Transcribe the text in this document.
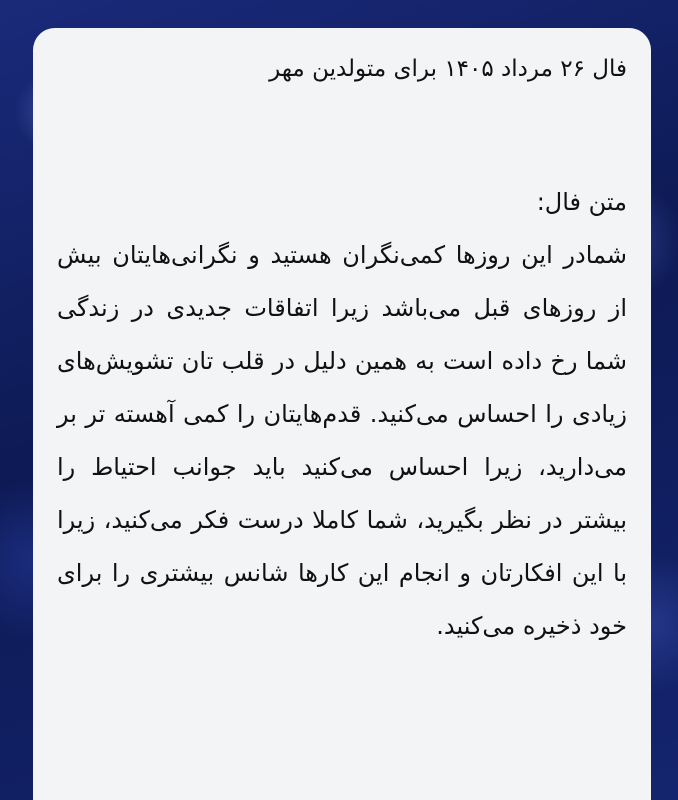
فال ۲۶ مرداد ۱۴۰۵ برای متولدین مهر
متن فال:
شمادر این روزها کمی‌نگران هستید و نگرانی‌هایتان بیش از روزهای قبل می‌باشد زیرا اتفاقات جدیدی در زندگی شما رخ داده است به همین دلیل در قلب تان تشویش‌های زیادی را احساس می‌کنید. قدم‌هایتان را کمی آهسته تر بر می‌دارید، زیرا احساس می‌کنید باید جوانب احتیاط را بیشتر در نظر بگیرید، شما کاملا درست فکر می‌کنید، زیرا با این افکارتان و انجام این کارها شانس بیشتری را برای خود ذخیره می‌کنید.
